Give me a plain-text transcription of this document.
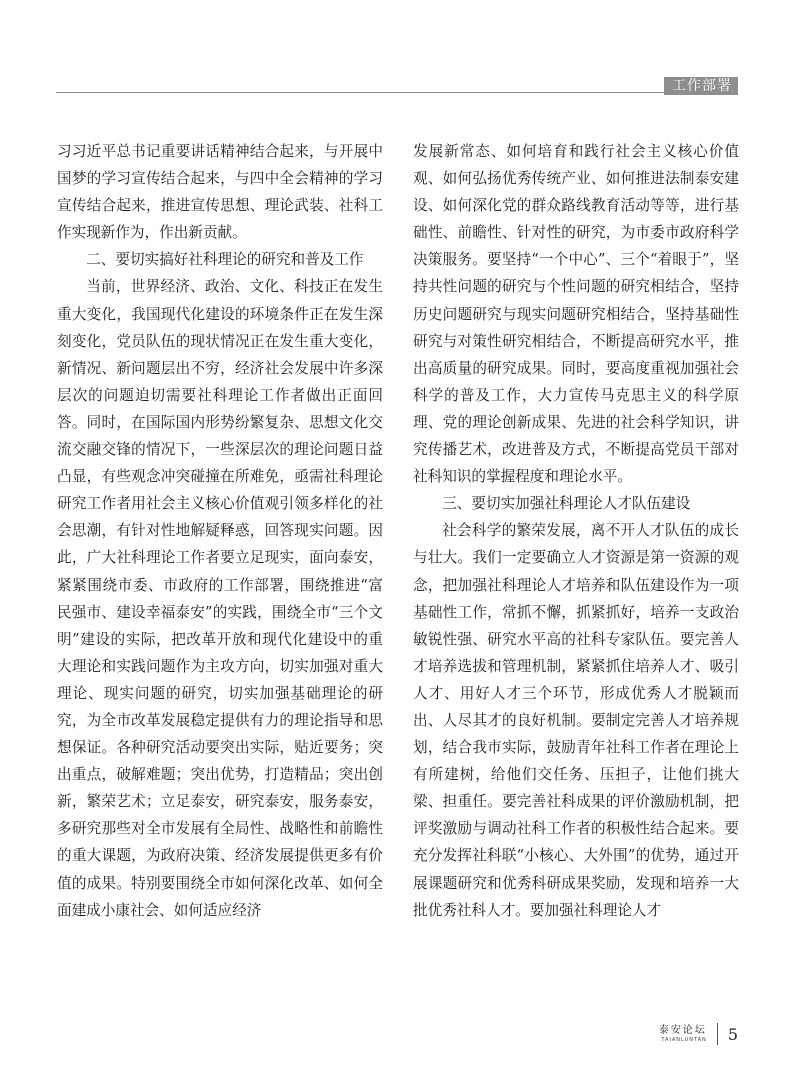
工作部署

习习近平总书记重要讲话精神结合起来，与开展中国梦的学习宣传结合起来，与四中全会精神的学习宣传结合起来，推进宣传思想、理论武装、社科工作实现新作为，作出新贡献。

二、要切实搞好社科理论的研究和普及工作

当前，世界经济、政治、文化、科技正在发生重大变化，我国现代化建设的环境条件正在发生深刻变化，党员队伍的现状情况正在发生重大变化，新情况、新问题层出不穷，经济社会发展中许多深层次的问题迫切需要社科理论工作者做出正面回答。同时，在国际国内形势纷繁复杂、思想文化交流交融交锋的情况下，一些深层次的理论问题日益凸显，有些观念冲突碰撞在所难免，亟需社科理论研究工作者用社会主义核心价值观引领多样化的社会思潮，有针对性地解疑释惑，回答现实问题。因此，广大社科理论工作者要立足现实，面向泰安，紧紧围绕市委、市政府的工作部署，围绕推进“富民强市、建设幸福泰安”的实践，围绕全市“三个文明”建设的实际，把改革开放和现代化建设中的重大理论和实践问题作为主攻方向，切实加强对重大理论、现实问题的研究，切实加强基础理论的研究，为全市改革发展稳定提供有力的理论指导和思想保证。各种研究活动要突出实际，贴近要务；突出重点，破解难题；突出优势，打造精品；突出创新，繁荣艺术；立足泰安，研究泰安，服务泰安，多研究那些对全市发展有全局性、战略性和前瞻性的重大课题，为政府决策、经济发展提供更多有价值的成果。特别要围绕全市如何深化改革、如何全面建成小康社会、如何适应经济

发展新常态、如何培育和践行社会主义核心价值观、如何弘扬优秀传统产业、如何推进法制泰安建设、如何深化党的群众路线教育活动等等，进行基础性、前瞻性、针对性的研究，为市委市政府科学决策服务。要坚持“一个中心”、三个“着眼于”，坚持共性问题的研究与个性问题的研究相结合，坚持历史问题研究与现实问题研究相结合，坚持基础性研究与对策性研究相结合，不断提高研究水平，推出高质量的研究成果。同时，要高度重视加强社会科学的普及工作，大力宣传马克思主义的科学原理、党的理论创新成果、先进的社会科学知识，讲究传播艺术，改进普及方式，不断提高党员干部对社科知识的掌握程度和理论水平。

三、要切实加强社科理论人才队伍建设

社会科学的繁荣发展，离不开人才队伍的成长与壮大。我们一定要确立人才资源是第一资源的观念，把加强社科理论人才培养和队伍建设作为一项基础性工作，常抓不懈，抓紧抓好，培养一支政治敏锐性强、研究水平高的社科专家队伍。要完善人才培养选拔和管理机制，紧紧抓住培养人才、吸引人才、用好人才三个环节，形成优秀人才脱颖而出、人尽其才的良好机制。要制定完善人才培养规划，结合我市实际，鼓励青年社科工作者在理论上有所建树，给他们交任务、压担子，让他们挑大梁、担重任。要完善社科成果的评价激励机制，把评奖激励与调动社科工作者的积极性结合起来。要充分发挥社科联“小核心、大外围”的优势，通过开展课题研究和优秀科研成果奖励，发现和培养一大批优秀社科人才。要加强社科理论人才

泰安论坛
TAIANLUNTAN 5
